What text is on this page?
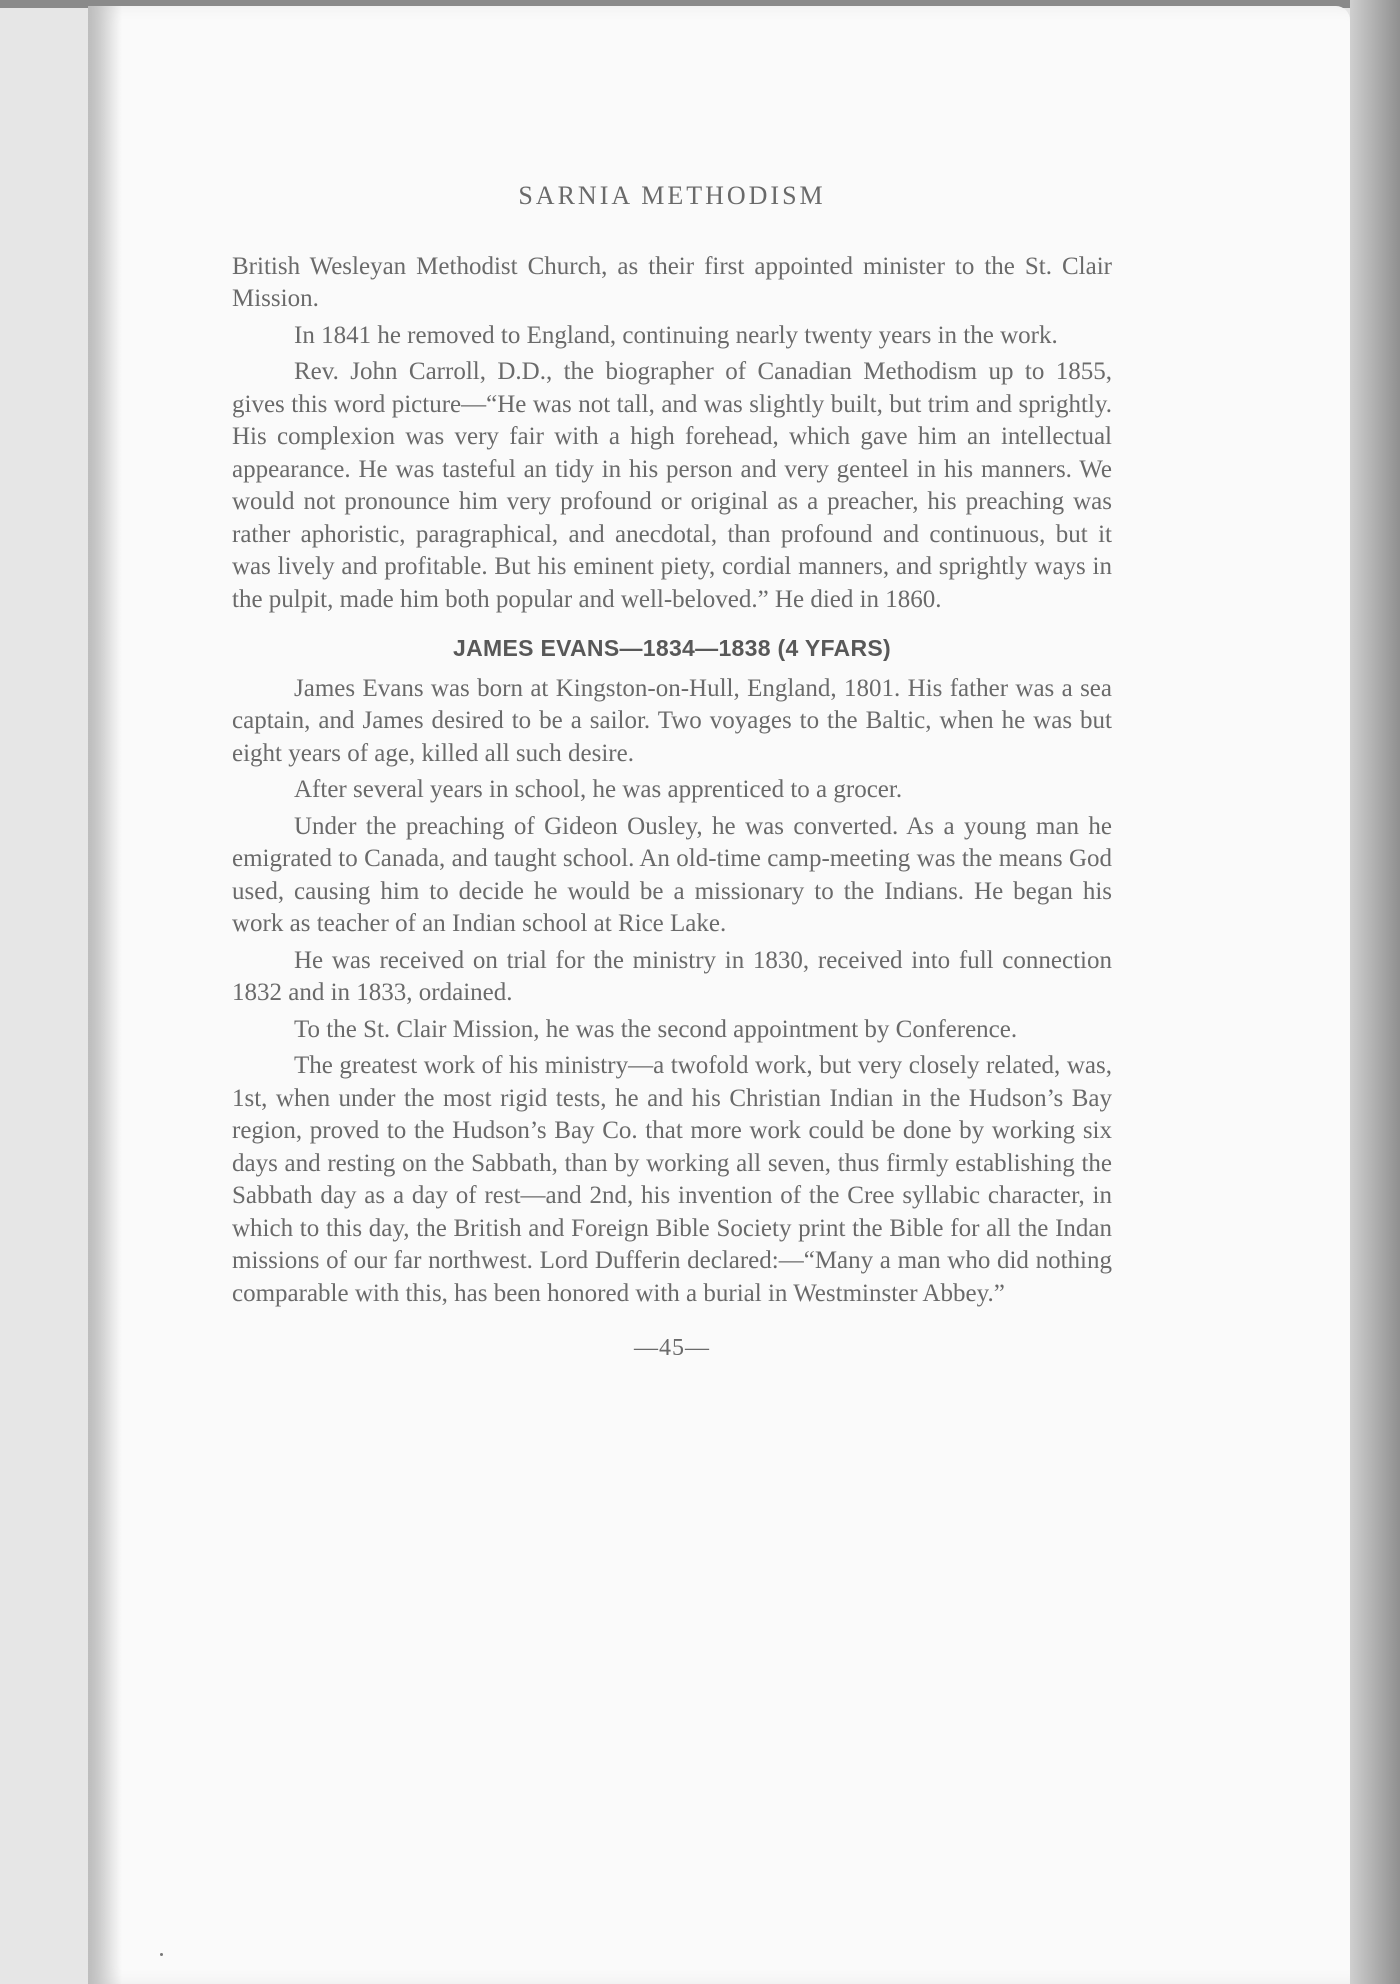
SARNIA METHODISM

British Wesleyan Methodist Church, as their first appointed minister to the St. Clair Mission.

In 1841 he removed to England, continuing nearly twenty years in the work.

Rev. John Carroll, D.D., the biographer of Canadian Methodism up to 1855, gives this word picture—“He was not tall, and was slightly built, but trim and sprightly. His complexion was very fair with a high forehead, which gave him an intellectual appearance. He was tasteful an tidy in his person and very genteel in his manners. We would not pronounce him very profound or original as a preacher, his preaching was rather aphoristic, paragraphical, and anecdotal, than profound and continuous, but it was lively and profitable. But his eminent piety, cordial manners, and sprightly ways in the pulpit, made him both popular and well-beloved.” He died in 1860.

JAMES EVANS—1834—1838 (4 YFARS)

James Evans was born at Kingston-on-Hull, England, 1801. His father was a sea captain, and James desired to be a sailor. Two voyages to the Baltic, when he was but eight years of age, killed all such desire.

After several years in school, he was apprenticed to a grocer.

Under the preaching of Gideon Ousley, he was converted. As a young man he emigrated to Canada, and taught school. An old-time camp-meeting was the means God used, causing him to decide he would be a missionary to the Indians. He began his work as teacher of an Indian school at Rice Lake.

He was received on trial for the ministry in 1830, received into full connection 1832 and in 1833, ordained.

To the St. Clair Mission, he was the second appointment by Conference.

The greatest work of his ministry—a twofold work, but very closely related, was, 1st, when under the most rigid tests, he and his Christian Indian in the Hudson’s Bay region, proved to the Hudson’s Bay Co. that more work could be done by working six days and resting on the Sabbath, than by working all seven, thus firmly establishing the Sabbath day as a day of rest—and 2nd, his invention of the Cree syllabic character, in which to this day, the British and Foreign Bible Society print the Bible for all the Indan missions of our far northwest. Lord Dufferin declared:—“Many a man who did nothing comparable with this, has been honored with a burial in Westminster Abbey.”

—45—
